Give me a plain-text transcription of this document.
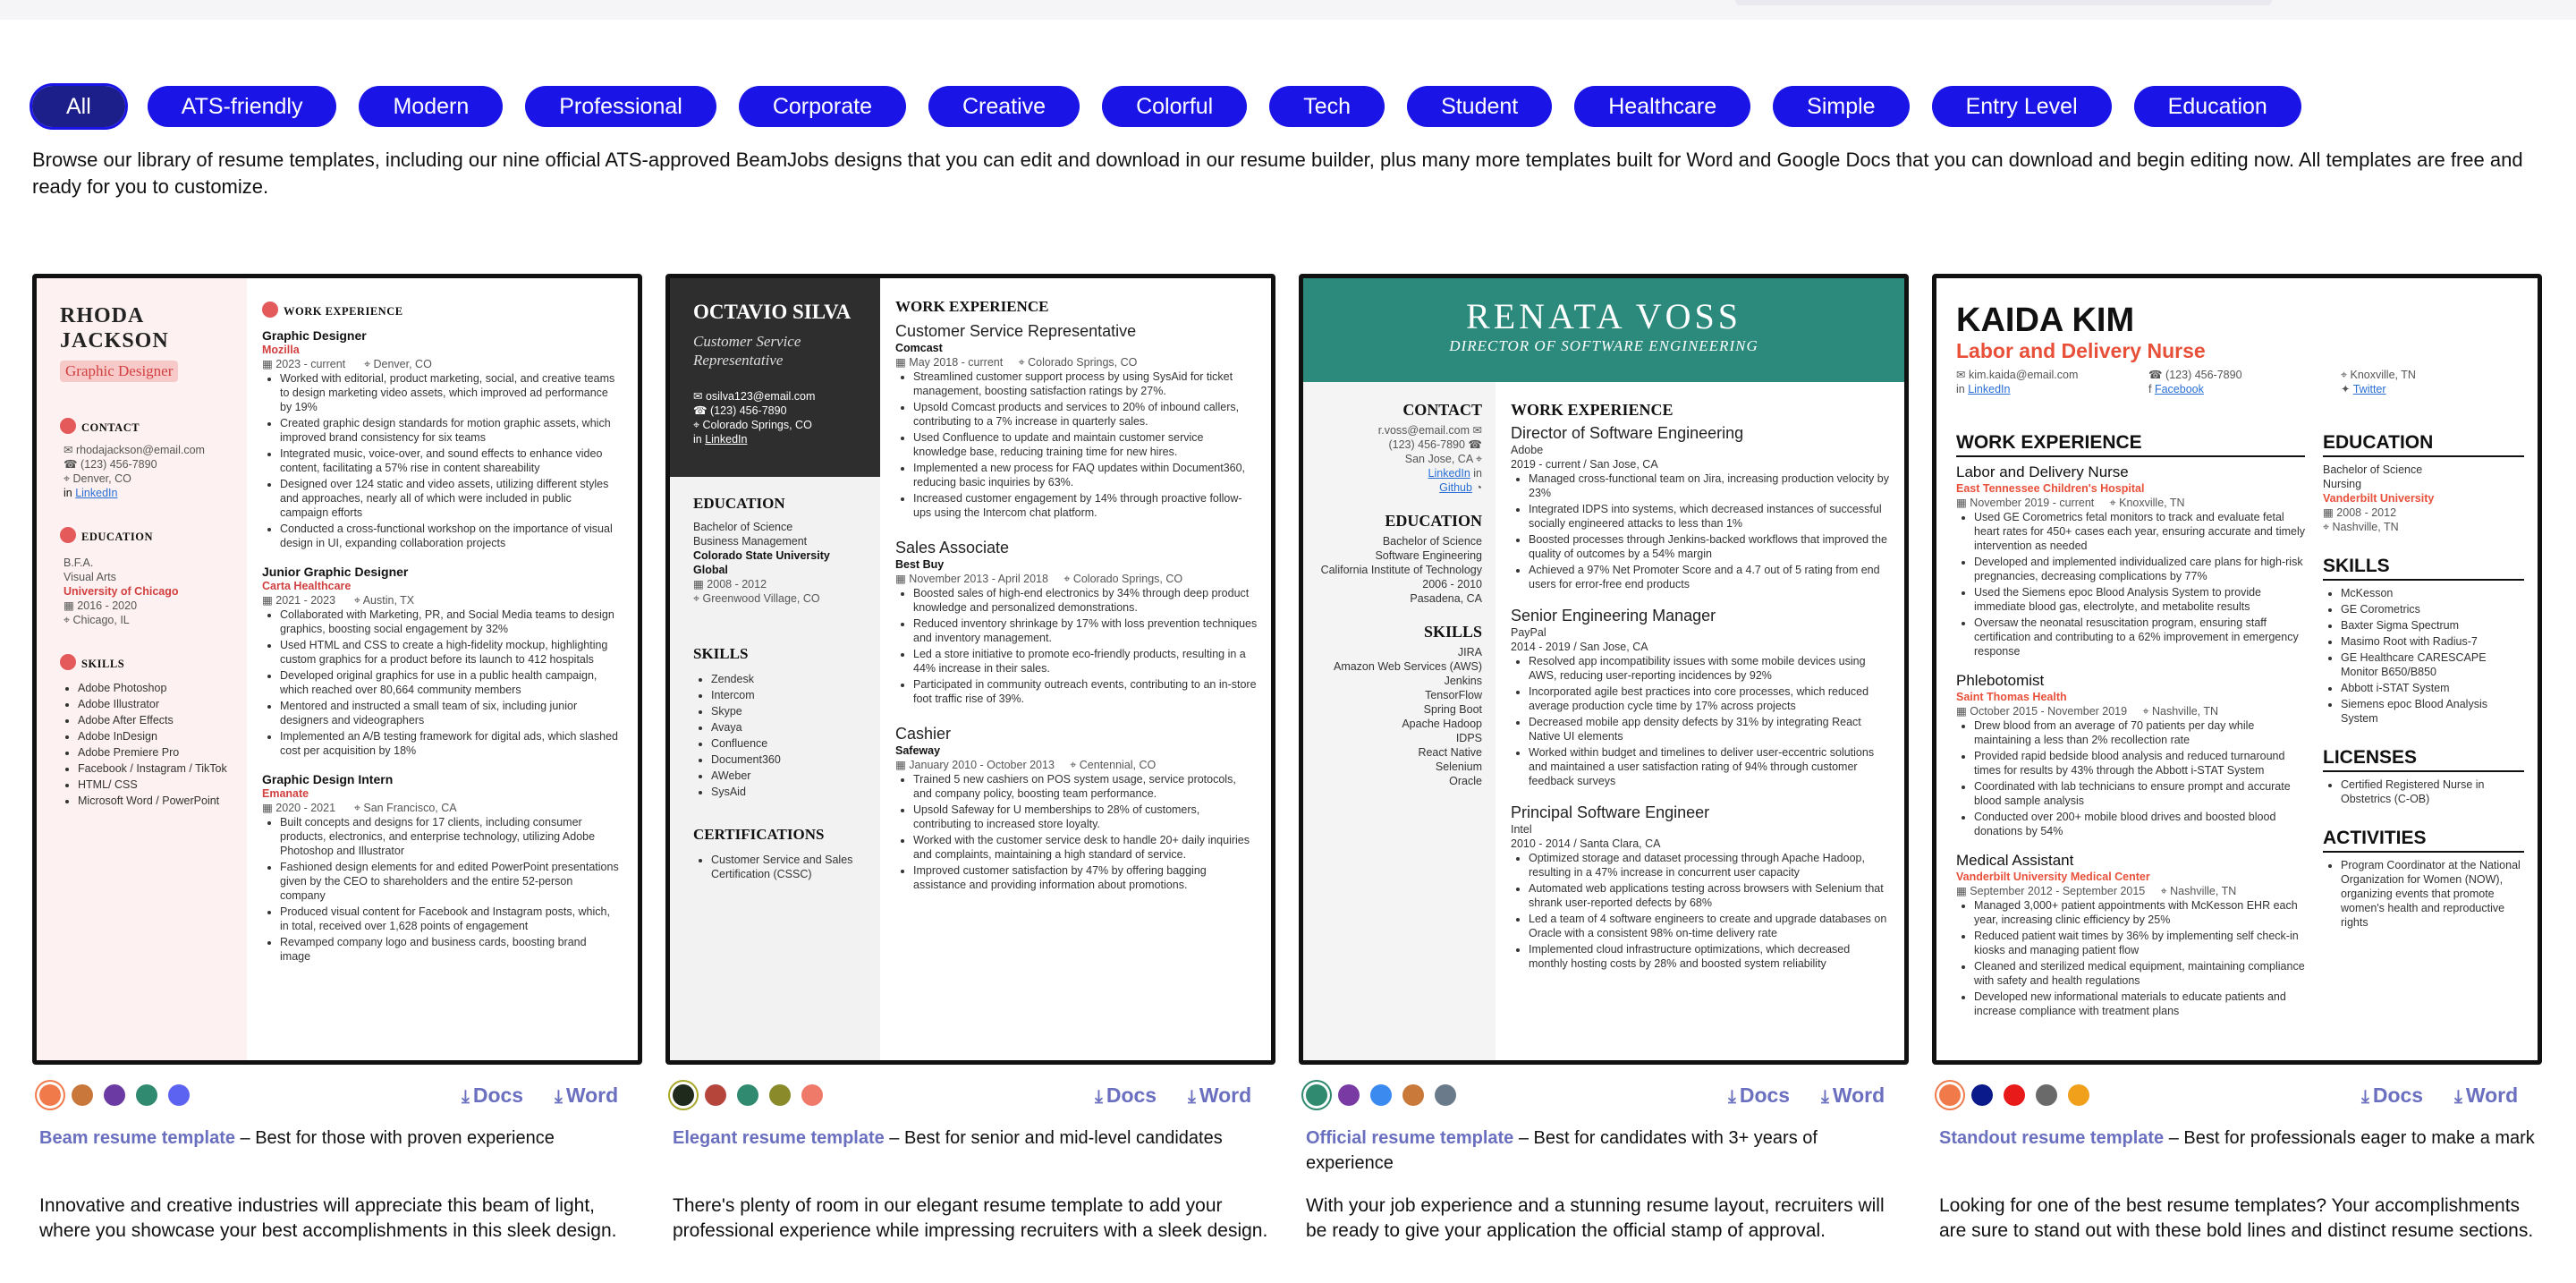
All	ATS-friendly	Modern	Professional	Corporate	Creative	Colorful	Tech	Student	Healthcare	Simple	Entry Level	Education

Browse our library of resume templates, including our nine official ATS-approved BeamJobs designs that you can edit and download in our resume builder, plus many more templates built for Word and Google Docs that you can download and begin editing now. All templates are free and ready for you to customize.

RHODA
JACKSON
Graphic Designer
CONTACT
✉ rhodajackson@email.com
☎ (123) 456-7890
⌖ Denver, CO
in LinkedIn
EDUCATION
B.F.A.
Visual Arts
University of Chicago
▦ 2016 - 2020
⌖ Chicago, IL
SKILLS
• Adobe Photoshop
• Adobe Illustrator
• Adobe After Effects
• Adobe InDesign
• Adobe Premiere Pro
• Facebook / Instagram / TikTok
• HTML/ CSS
• Microsoft Word / PowerPoint
WORK EXPERIENCE
Graphic Designer
Mozilla
▦ 2023 - current      ⌖ Denver, CO
• Worked with editorial, product marketing, social, and creative teams to design marketing video assets, which improved ad performance by 19%
• Created graphic design standards for motion graphic assets, which improved brand consistency for six teams
• Integrated music, voice-over, and sound effects to enhance video content, facilitating a 57% rise in content shareability
• Designed over 124 static and video assets, utilizing different styles and approaches, nearly all of which were included in public campaign efforts
• Conducted a cross-functional workshop on the importance of visual design in UI, expanding collaboration projects
Junior Graphic Designer
Carta Healthcare
▦ 2021 - 2023      ⌖ Austin, TX
• Collaborated with Marketing, PR, and Social Media teams to design graphics, boosting social engagement by 32%
• Used HTML and CSS to create a high-fidelity mockup, highlighting custom graphics for a product before its launch to 412 hospitals
• Developed original graphics for use in a public health campaign, which reached over 80,664 community members
• Mentored and instructed a small team of six, including junior designers and videographers
• Implemented an A/B testing framework for digital ads, which slashed cost per acquisition by 18%
Graphic Design Intern
Emanate
▦ 2020 - 2021      ⌖ San Francisco, CA
• Built concepts and designs for 17 clients, including consumer products, electronics, and enterprise technology, utilizing Adobe Photoshop and Illustrator
• Fashioned design elements for and edited PowerPoint presentations given by the CEO to shareholders and the entire 52-person company
• Produced visual content for Facebook and Instagram posts, which, in total, received over 1,628 points of engagement
• Revamped company logo and business cards, boosting brand image
OCTAVIO SILVA
Customer Service Representative
✉ osilva123@email.com
☎ (123) 456-7890
⌖ Colorado Springs, CO
in LinkedIn
EDUCATION
Bachelor of Science
Business Management
Colorado State University Global
▦ 2008 - 2012
⌖ Greenwood Village, CO
SKILLS
• Zendesk
• Intercom
• Skype
• Avaya
• Confluence
• Document360
• AWeber
• SysAid
CERTIFICATIONS
• Customer Service and Sales Certification (CSSC)
WORK EXPERIENCE
Customer Service Representative
Comcast
▦ May 2018 - current     ⌖ Colorado Springs, CO
• Streamlined customer support process by using SysAid for ticket management, boosting satisfaction ratings by 27%.
• Upsold Comcast products and services to 20% of inbound callers, contributing to a 7% increase in quarterly sales.
• Used Confluence to update and maintain customer service knowledge base, reducing training time for new hires.
• Implemented a new process for FAQ updates within Document360, reducing basic inquiries by 63%.
• Increased customer engagement by 14% through proactive follow-ups using the Intercom chat platform.
Sales Associate
Best Buy
▦ November 2013 - April 2018     ⌖ Colorado Springs, CO
• Boosted sales of high-end electronics by 34% through deep product knowledge and personalized demonstrations.
• Reduced inventory shrinkage by 17% with loss prevention techniques and inventory management.
• Led a store initiative to promote eco-friendly products, resulting in a 44% increase in their sales.
• Participated in community outreach events, contributing to an in-store foot traffic rise of 39%.
Cashier
Safeway
▦ January 2010 - October 2013     ⌖ Centennial, CO
• Trained 5 new cashiers on POS system usage, service protocols, and company policy, boosting team performance.
• Upsold Safeway for U memberships to 28% of customers, contributing to increased store loyalty.
• Worked with the customer service desk to handle 20+ daily inquiries and complaints, maintaining a high standard of service.
• Improved customer satisfaction by 47% by offering bagging assistance and providing information about promotions.
RENATA VOSS
DIRECTOR OF SOFTWARE ENGINEERING
CONTACT
r.voss@email.com ✉
(123) 456-7890 ☎
San Jose, CA ⌖
LinkedIn in
Github ◔
EDUCATION
Bachelor of Science
Software Engineering
California Institute of Technology
2006 - 2010
Pasadena, CA
SKILLS
JIRA
Amazon Web Services (AWS)
Jenkins
TensorFlow
Spring Boot
Apache Hadoop
IDPS
React Native
Selenium
Oracle
WORK EXPERIENCE
Director of Software Engineering
Adobe
2019 - current / San Jose, CA
• Managed cross-functional team on Jira, increasing production velocity by 23%
• Integrated IDPS into systems, which decreased instances of successful socially engineered attacks to less than 1%
• Boosted processes through Jenkins-backed workflows that improved the quality of outcomes by a 54% margin
• Achieved a 97% Net Promoter Score and a 4.7 out of 5 rating from end users for error-free end products
Senior Engineering Manager
PayPal
2014 - 2019 / San Jose, CA
• Resolved app incompatibility issues with some mobile devices using AWS, reducing user-reporting incidences by 92%
• Incorporated agile best practices into core processes, which reduced average production cycle time by 17% across projects
• Decreased mobile app density defects by 31% by integrating React Native UI elements
• Worked within budget and timelines to deliver user-eccentric solutions and maintained a user satisfaction rating of 94% through customer feedback surveys
Principal Software Engineer
Intel
2010 - 2014 / Santa Clara, CA
• Optimized storage and dataset processing through Apache Hadoop, resulting in a 47% increase in concurrent user capacity
• Automated web applications testing across browsers with Selenium that shrank user-reported defects by 68%
• Led a team of 4 software engineers to create and upgrade databases on Oracle with a consistent 98% on-time delivery rate
• Implemented cloud infrastructure optimizations, which decreased monthly hosting costs by 28% and boosted system reliability
KAIDA KIM
Labor and Delivery Nurse
✉ kim.kaida@email.com	☎ (123) 456-7890	⌖ Knoxville, TN
in LinkedIn	f Facebook	✦ Twitter
WORK EXPERIENCE
Labor and Delivery Nurse
East Tennessee Children's Hospital
▦ November 2019 - current     ⌖ Knoxville, TN
• Used GE Corometrics fetal monitors to track and evaluate fetal heart rates for 450+ cases each year, ensuring accurate and timely intervention as needed
• Developed and implemented individualized care plans for high-risk pregnancies, decreasing complications by 77%
• Used the Siemens epoc Blood Analysis System to provide immediate blood gas, electrolyte, and metabolite results
• Oversaw the neonatal resuscitation program, ensuring staff certification and contributing to a 62% improvement in emergency response
Phlebotomist
Saint Thomas Health
▦ October 2015 - November 2019     ⌖ Nashville, TN
• Drew blood from an average of 70 patients per day while maintaining a less than 2% recollection rate
• Provided rapid bedside blood analysis and reduced turnaround times for results by 43% through the Abbott i-STAT System
• Coordinated with lab technicians to ensure prompt and accurate blood sample analysis
• Conducted over 200+ mobile blood drives and boosted blood donations by 54%
Medical Assistant
Vanderbilt University Medical Center
▦ September 2012 - September 2015     ⌖ Nashville, TN
• Managed 3,000+ patient appointments with McKesson EHR each year, increasing clinic efficiency by 25%
• Reduced patient wait times by 36% by implementing self check-in kiosks and managing patient flow
• Cleaned and sterilized medical equipment, maintaining compliance with safety and health regulations
• Developed new informational materials to educate patients and increase compliance with treatment plans
EDUCATION
Bachelor of Science
Nursing
Vanderbilt University
▦ 2008 - 2012
⌖ Nashville, TN
SKILLS
• McKesson
• GE Corometrics
• Baxter Sigma Spectrum
• Masimo Root with Radius-7
• GE Healthcare CARESCAPE Monitor B650/B850
• Abbott i-STAT System
• Siemens epoc Blood Analysis System
LICENSES
• Certified Registered Nurse in Obstetrics (C-OB)
ACTIVITIES
• Program Coordinator at the National Organization for Women (NOW), organizing events that promote women's health and reproductive rights
⤓ Docs ⤓ Word	⤓ Docs ⤓ Word	⤓ Docs ⤓ Word	⤓ Docs ⤓ Word
Beam resume template – Best for those with proven experience	Elegant resume template – Best for senior and mid-level candidates	Official resume template – Best for candidates with 3+ years of experience
Standout resume template – Best for professionals eager to make a mark

Innovative and creative industries will appreciate this beam of light, where you showcase your best accomplishments in this sleek design.

There's plenty of room in our elegant resume template to add your professional experience while impressing recruiters with a sleek design.

With your job experience and a stunning resume layout, recruiters will be ready to give your application the official stamp of approval.

Looking for one of the best resume templates? Your accomplishments are sure to stand out with these bold lines and distinct resume sections.
